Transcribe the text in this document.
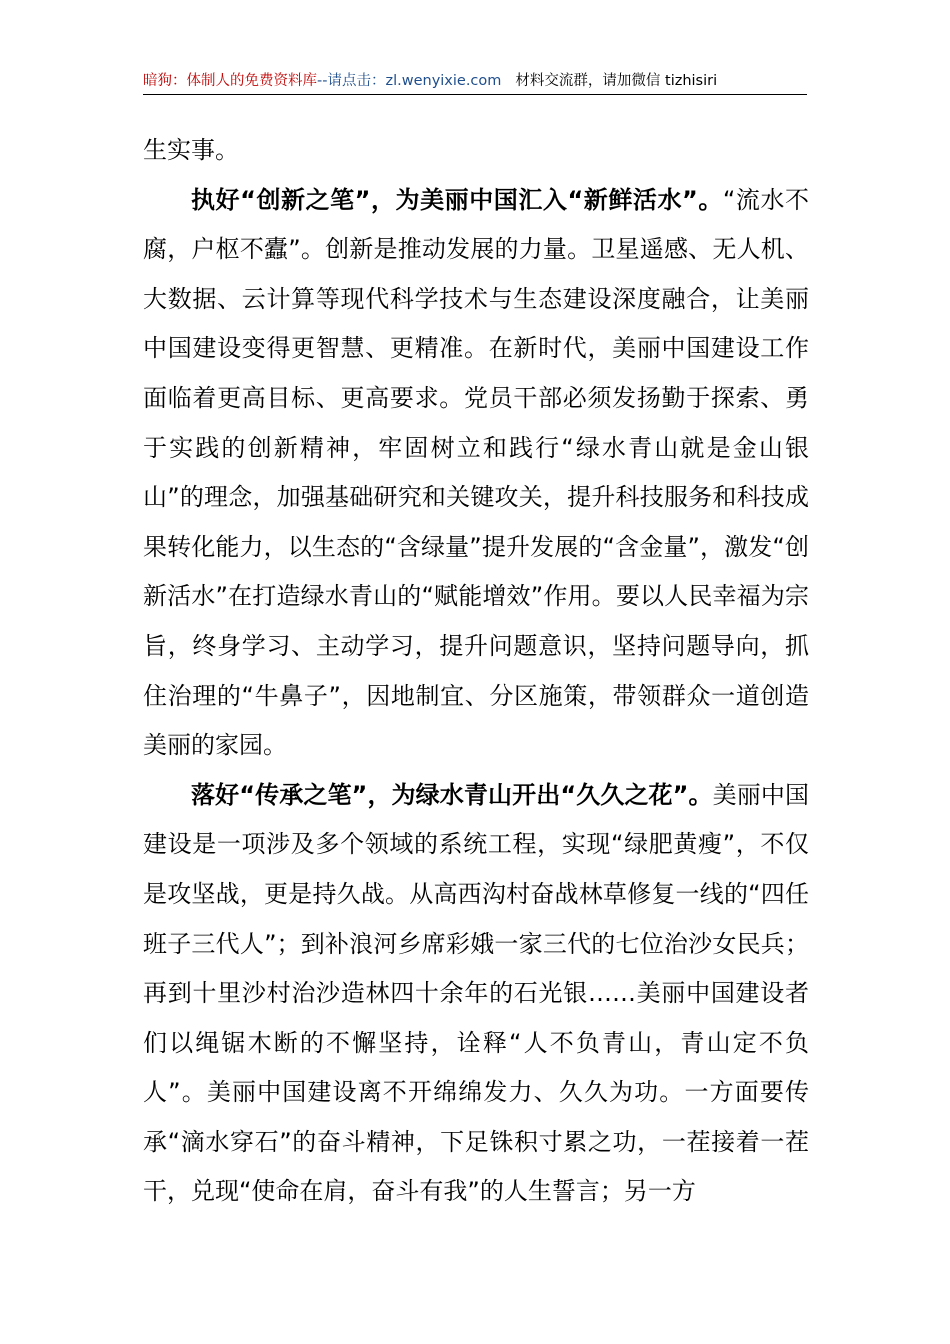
暗狗：体制人的免费资料库--请点击：zl.wenyixie.com 材料交流群，请加微信 tizhisiri

生实事。

执好“创新之笔”，为美丽中国汇入“新鲜活水”。“流水不腐，户枢不蠹”。创新是推动发展的力量。卫星遥感、无人机、大数据、云计算等现代科学技术与生态建设深度融合，让美丽中国建设变得更智慧、更精准。在新时代，美丽中国建设工作面临着更高目标、更高要求。党员干部必须发扬勤于探索、勇于实践的创新精神，牢固树立和践行“绿水青山就是金山银山”的理念，加强基础研究和关键攻关，提升科技服务和科技成果转化能力，以生态的“含绿量”提升发展的“含金量”，激发“创新活水”在打造绿水青山的“赋能增效”作用。要以人民幸福为宗旨，终身学习、主动学习，提升问题意识，坚持问题导向，抓住治理的“牛鼻子”，因地制宜、分区施策，带领群众一道创造美丽的家园。

落好“传承之笔”，为绿水青山开出“久久之花”。美丽中国建设是一项涉及多个领域的系统工程，实现“绿肥黄瘦”，不仅是攻坚战，更是持久战。从高西沟村奋战林草修复一线的“四任班子三代人”；到补浪河乡席彩娥一家三代的七位治沙女民兵；再到十里沙村治沙造林四十余年的石光银……美丽中国建设者们以绳锯木断的不懈坚持，诠释“人不负青山，青山定不负人”。美丽中国建设离不开绵绵发力、久久为功。一方面要传承“滴水穿石”的奋斗精神，下足铢积寸累之功，一茬接着一茬干，兑现“使命在肩，奋斗有我”的人生誓言；另一方
